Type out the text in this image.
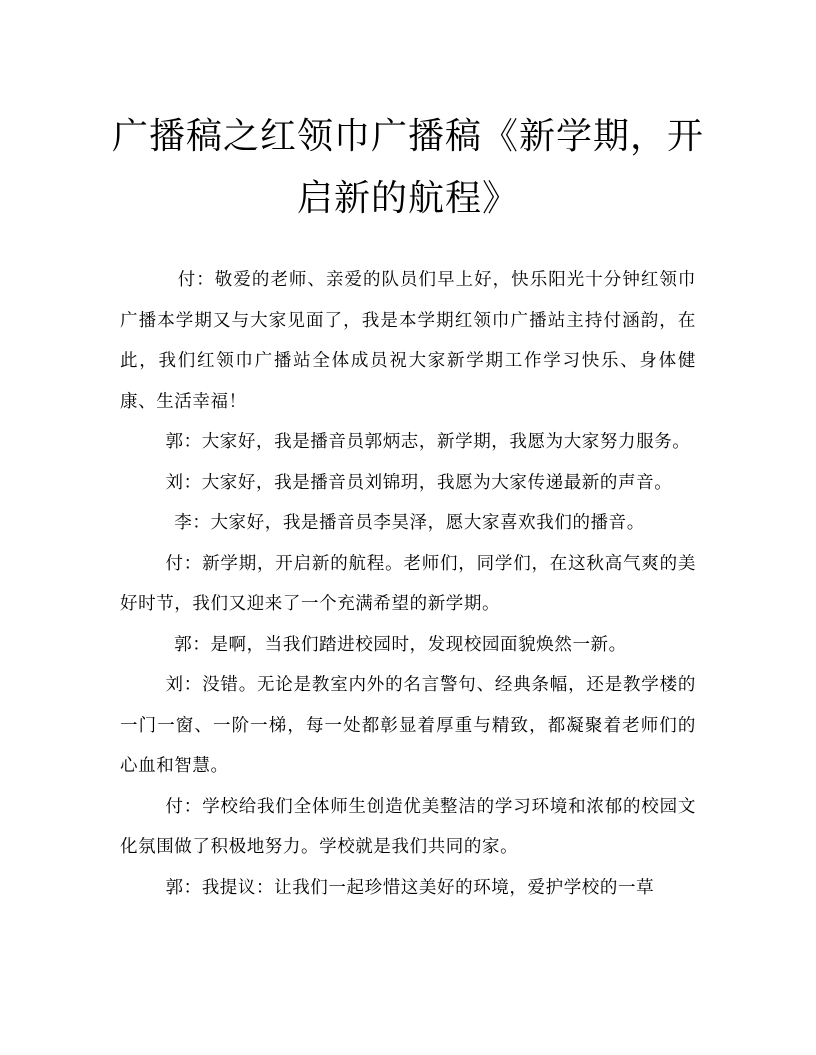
广播稿之红领巾广播稿《新学期，开启新的航程》

付：敬爱的老师、亲爱的队员们早上好，快乐阳光十分钟红领巾广播本学期又与大家见面了，我是本学期红领巾广播站主持付涵韵，在此，我们红领巾广播站全体成员祝大家新学期工作学习快乐、身体健康、生活幸福！

郭：大家好，我是播音员郭炳志，新学期，我愿为大家努力服务。

刘：大家好，我是播音员刘锦玥，我愿为大家传递最新的声音。

李：大家好，我是播音员李昊泽，愿大家喜欢我们的播音。

付：新学期，开启新的航程。老师们，同学们，在这秋高气爽的美好时节，我们又迎来了一个充满希望的新学期。

郭：是啊，当我们踏进校园时，发现校园面貌焕然一新。

刘：没错。无论是教室内外的名言警句、经典条幅，还是教学楼的一门一窗、一阶一梯，每一处都彰显着厚重与精致，都凝聚着老师们的心血和智慧。

付：学校给我们全体师生创造优美整洁的学习环境和浓郁的校园文化氛围做了积极地努力。学校就是我们共同的家。

郭：我提议：让我们一起珍惜这美好的环境，爱护学校的一草
